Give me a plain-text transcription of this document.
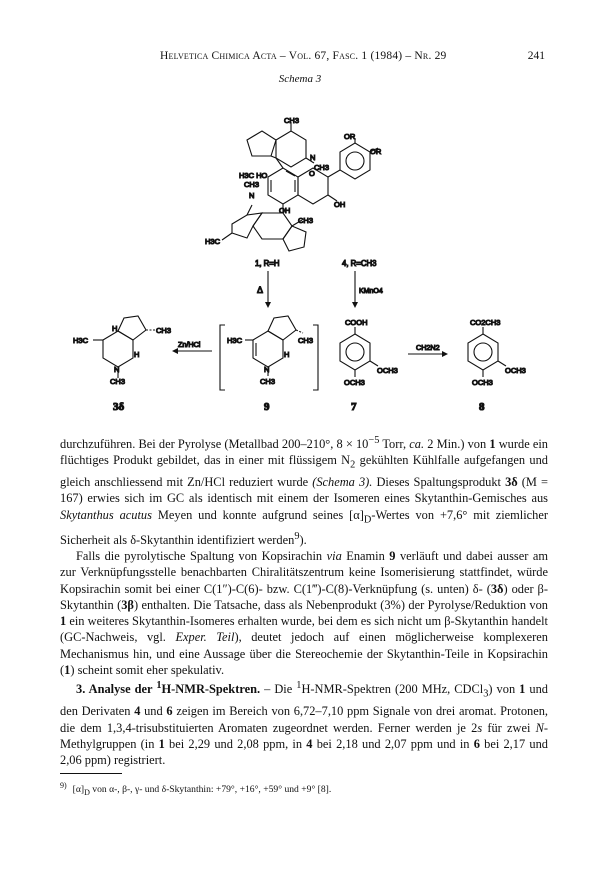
Helvetica Chimica Acta – Vol. 67, Fasc. 1 (1984) – Nr. 29	241
Schema 3
CH3
N
CH3
OR
OR
H3C HO
CH3
N
O
OH
OH
H3C
CH3
1, R=H
Δ
4, R=CH3
KMnO4
H3C
H	CH3
H
N
CH3
3δ
Zn/HCl	H3C	CH3
H
N
CH3
9
COOH
OCH3
OCH3
7
CH2N2
CO2CH3
OCH3
OCH3
8

durchzuführen. Bei der Pyrolyse (Metallbad 200–210°, $8 \times 10^{-5}$ Torr, ca. 2 Min.) von 1 wurde ein flüchtiges Produkt gebildet, das in einer mit flüssigem $N_2$ gekühlten Kühlfalle aufgefangen und gleich anschliessend mit Zn/HCl reduziert wurde (Schema 3). Dieses Spaltungsprodukt 3δ (M = 167) erwies sich im GC als identisch mit einem der Isomeren eines Skytanthin-Gemisches aus Skytanthus acutus Meyen und konnte aufgrund seines $[\alpha]_D$-Wertes von +7,6° mit ziemlicher Sicherheit als δ-Skytanthin identifiziert werden$^9$).

Falls die pyrolytische Spaltung von Kopsirachin via Enamin 9 verläuft und dabei ausser am zur Verknüpfungsstelle benachbarten Chiralitätszentrum keine Isomerisierung stattfindet, würde Kopsirachin somit bei einer C(1″)-C(6)- bzw. C(1‴)-C(8)-Verknüpfung (s. unten) δ- (3δ) oder β-Skytanthin (3β) enthalten. Die Tatsache, dass als Nebenprodukt (3%) der Pyrolyse/Reduktion von 1 ein weiteres Skytanthin-Isomeres erhalten wurde, bei dem es sich nicht um β-Skytanthin handelt (GC-Nachweis, vgl. Exper. Teil), deutet jedoch auf einen möglicherweise komplexeren Mechanismus hin, und eine Aussage über die Stereochemie der Skytanthin-Teile in Kopsirachin (1) scheint somit eher spekulativ.

3. Analyse der $^1$H-NMR-Spektren. – Die $^1$H-NMR-Spektren (200 MHz, CDCl$_3$) von 1 und den Derivaten 4 und 6 zeigen im Bereich von 6,72–7,10 ppm Signale von drei aromat. Protonen, die dem 1,3,4-trisubstituierten Aromaten zugeordnet werden. Ferner werden je 2s für zwei N-Methylgruppen (in 1 bei 2,29 und 2,08 ppm, in 4 bei 2,18 und 2,07 ppm und in 6 bei 2,17 und 2,06 ppm) registriert.

$^{9)}$ $[\alpha]_D$ von α-, β-, γ- und δ-Skytanthin: +79°, +16°, +59° und +9° [8].
